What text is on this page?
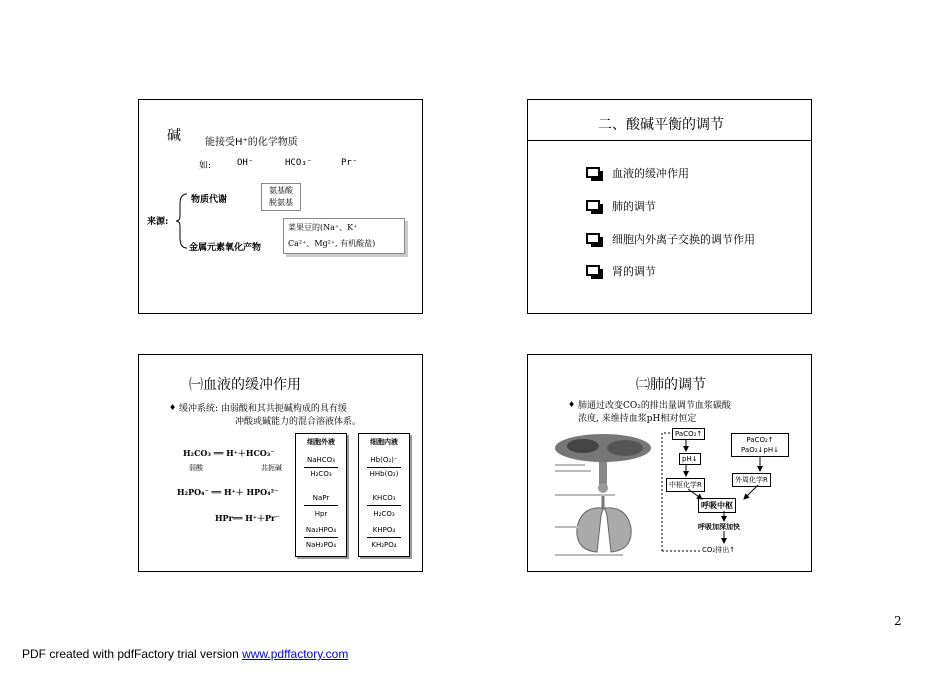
碱 能接受H⁺的化学物质
如:	OH⁻	HCO₃⁻	Pr⁻
来源:
物质代谢
氨基酸
脱氨基
金属元素氧化产物
菜果豆的(Na⁺、K⁺
Ca²⁺、Mg²⁺, 有机酸盐)
二、酸碱平衡的调节
血液的缓冲作用
肺的调节
细胞内外离子交换的调节作用
肾的调节
㈠血液的缓冲作用
♦ 缓冲系统: 由弱酸和其共扼碱构成的具有缓
冲酸或碱能力的混合溶液体系。
H₂CO₃ ══ H⁺＋HCO₃⁻
弱酸	共扼碱
H₂PO₄⁻ ══ H⁺＋ HPO₄²⁻
HPr══ H⁺＋Pr⁻
细胞外液
NaHCO₃
H₂CO₃
NaPr
Hpr
Na₂HPO₄
NaH₂PO₄
细胞内液
Hb(O₂)⁻
HHb(O₂)
KHCO₃
H₂CO₃
KHPO₄
KH₂PO₄
㈡肺的调节
♦ 肺通过改变CO₂的排出量调节血浆碳酸
浓度, 来维持血浆pH相对恒定
PaCO₂↑
PaCO₂↑
PaO₂↓pH↓
pH↓
中枢化学R
外周化学R
呼吸中枢
呼吸加深加快
CO₂排出↑
2
PDF created with pdfFactory trial version www.pdffactory.com
